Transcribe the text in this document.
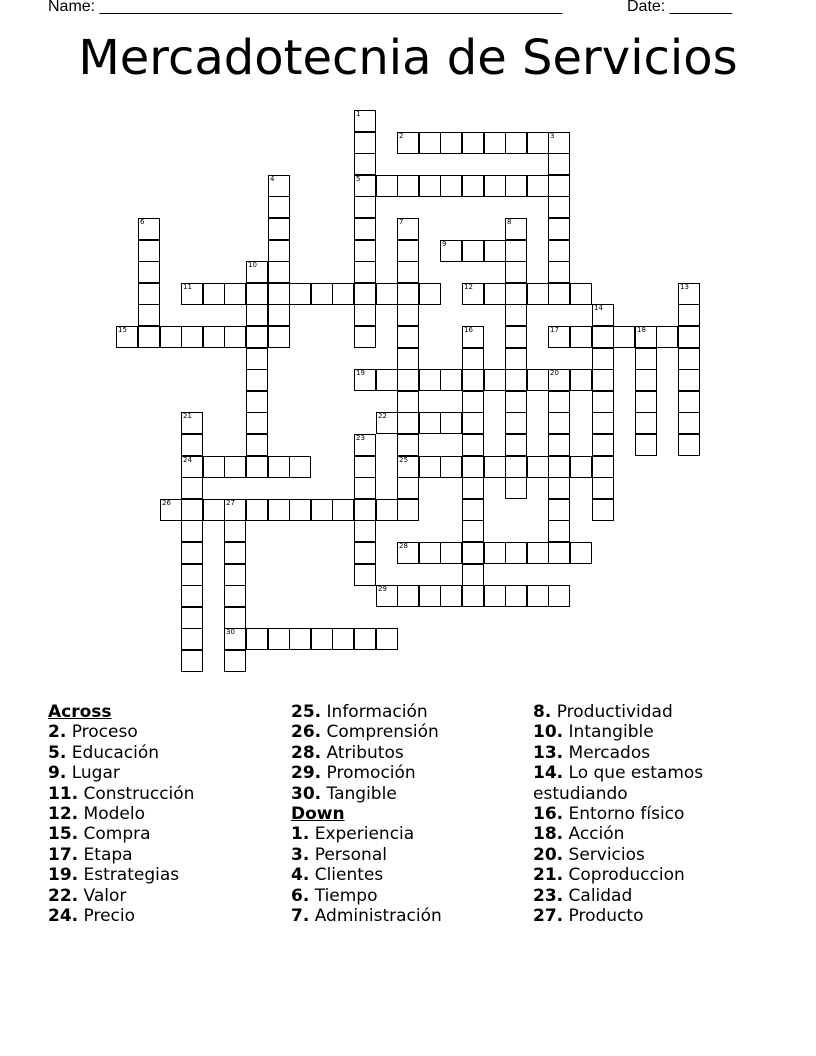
Name: ____________________________________________________	Date: _______
Mercadotecnia de Servicios
1
5
2	3
4
6	7
25
8
9
10
11	12	13
14
15	16	17	18
19	20
21
24
22
23
26	27
30
28
29

Across

2. Proceso

5. Educación

9. Lugar

11. Construcción

12. Modelo

15. Compra

17. Etapa

19. Estrategias

22. Valor

24. Precio

25. Información

26. Comprensión

28. Atributos

29. Promoción

30. Tangible

Down

1. Experiencia

3. Personal

4. Clientes

6. Tiempo

7. Administración

8. Productividad

10. Intangible

13. Mercados

14. Lo que estamos

estudiando

16. Entorno físico

18. Acción

20. Servicios

21. Coproduccion

23. Calidad

27. Producto
